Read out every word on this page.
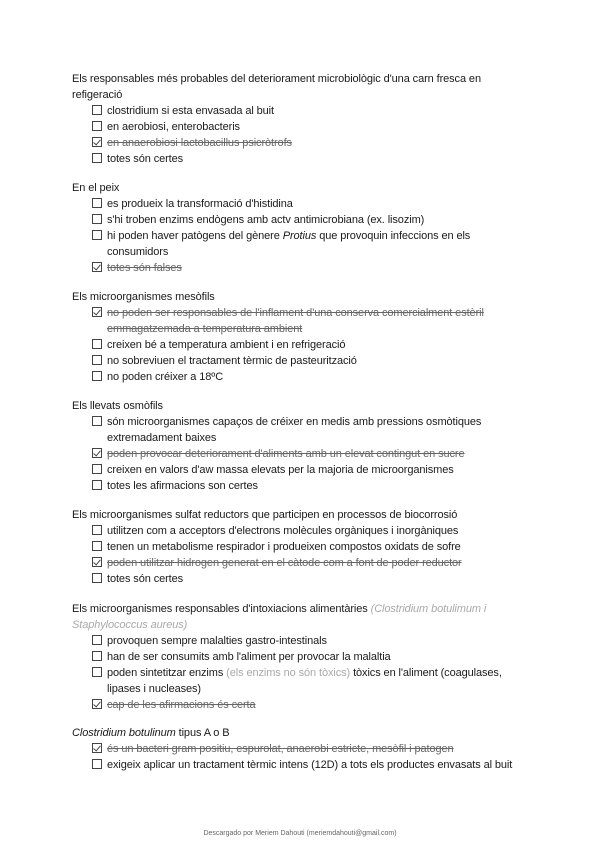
Els responsables més probables del deteriorament microbiològic d'una carn fresca en refigeració

clostridium si esta envasada al buit
en aerobiosi, enterobacteris
en anaerobiosi lactobacillus psicròtrofs
totes són certes

En el peix

es produeix la transformació d'histidina
s'hi troben enzims endògens amb actv antimicrobiana (ex. lisozim)
hi poden haver patògens del gènere Protius que provoquin infeccions en els consumidors
totes són falses

Els microorganismes mesòfils

no poden ser responsables de l'inflament d'una conserva comercialment estèril emmagatzemada a temperatura ambient
creixen bé a temperatura ambient i en refrigeració
no sobreviuen el tractament tèrmic de pasteurització
no poden créixer a 18ºC

Els llevats osmòfils

són microorganismes capaços de créixer en medis amb pressions osmòtiques extremadament baixes
poden provocar deteriorament d'aliments amb un elevat contingut en sucre
creixen en valors d'aw massa elevats per la majoria de microorganismes
totes les afirmacions son certes

Els microorganismes sulfat reductors que participen en processos de biocorrosió

utilitzen com a acceptors d'electrons molècules orgàniques i inorgàniques
tenen un metabolisme respirador i produeixen compostos oxidats de sofre
poden utilitzar hidrogen generat en el càtode com a font de poder reductor
totes són certes

Els microorganismes responsables d'intoxiacions alimentàries (Clostridium botulimum i Staphylococcus aureus)

provoquen sempre malalties gastro-intestinals
han de ser consumits amb l'aliment per provocar la malaltia
poden sintetitzar enzims (els enzims no són tòxics) tòxics en l'aliment (coagulases, lipases i nucleases)
cap de les afirmacions és certa

Clostridium botulinum tipus A o B

és un bacteri gram positiu, espurolat, anaerobi estricte, mesòfil i patogen
exigeix aplicar un tractament tèrmic intens (12D) a tots els productes envasats al buit
Descargado por Meriem Dahouti (meriemdahouti@gmail.com)
